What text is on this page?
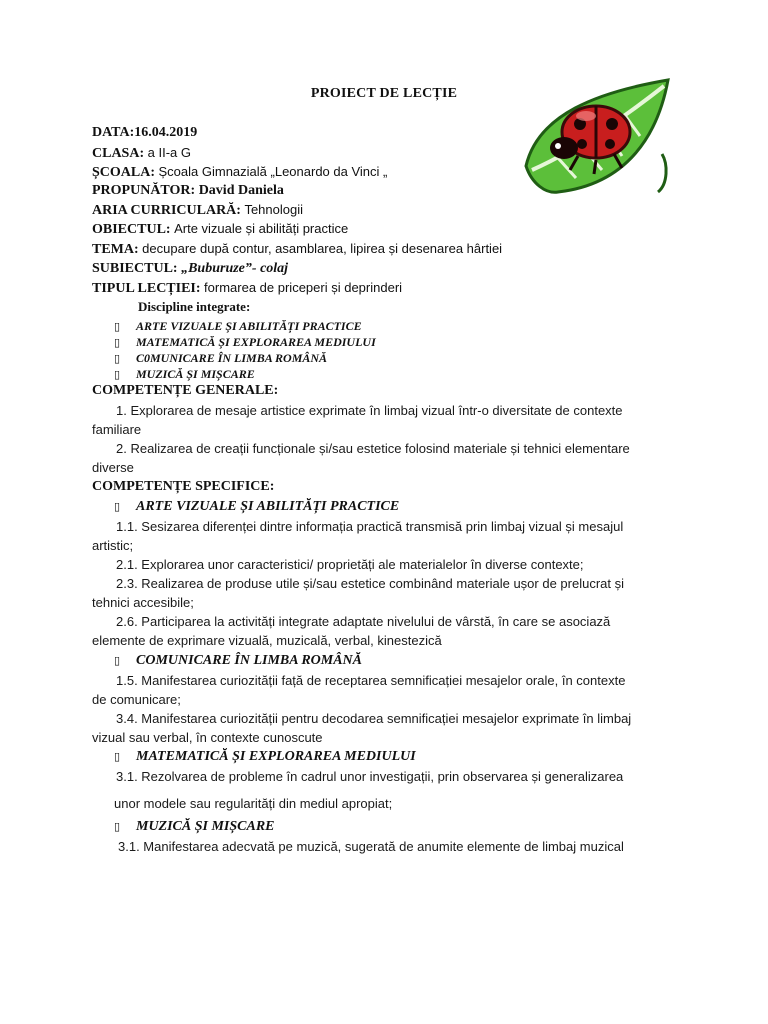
PROIECT DE LECȚIE
DATA:16.04.2019
CLASA: a II-a G
ȘCOALA: Școala Gimnazială „Leonardo da Vinci „
PROPUNĂTOR: David Daniela
ARIA CURRICULARĂ: Tehnologii
OBIECTUL: Arte vizuale și abilități practice
TEMA: decupare după contur, asamblarea, lipirea și desenarea hârtiei
SUBIECTUL: „Buburuze”- colaj
TIPUL LECȚIEI: formarea de priceperi și deprinderi
Discipline integrate:
▯ ARTE VIZUALE ȘI ABILITĂȚI PRACTICE
▯ MATEMATICĂ ȘI EXPLORAREA MEDIULUI
▯ C0MUNICARE ÎN LIMBA ROMÂNĂ
▯ MUZICĂ ȘI MIȘCARE
COMPETENȚE GENERALE:
1. Explorarea de mesaje artistice exprimate în limbaj vizual într-o diversitate de contexte
familiare
2. Realizarea de creații funcționale și/sau estetice folosind materiale și tehnici elementare
diverse
COMPETENȚE SPECIFICE:
▯ ARTE VIZUALE ȘI ABILITĂȚI PRACTICE
1.1. Sesizarea diferenței dintre informația practică transmisă prin limbaj vizual și mesajul
artistic;
2.1. Explorarea unor caracteristici/ proprietăți ale materialelor în diverse contexte;
2.3. Realizarea de produse utile și/sau estetice combinând materiale ușor de prelucrat și
tehnici accesibile;
2.6. Participarea la activități integrate adaptate nivelului de vârstă, în care se asociază
elemente de exprimare vizuală, muzicală, verbal, kinestezică
▯ COMUNICARE ÎN LIMBA ROMÂNĂ
1.5. Manifestarea curiozității față de receptarea semnificației mesajelor orale, în contexte
de comunicare;
3.4. Manifestarea curiozității pentru decodarea semnificației mesajelor exprimate în limbaj
vizual sau verbal, în contexte cunoscute
▯ MATEMATICĂ ȘI EXPLORAREA MEDIULUI
3.1. Rezolvarea de probleme în cadrul unor investigații, prin observarea și generalizarea
unor modele sau regularități din mediul apropiat;
▯ MUZICĂ ȘI MIȘCARE
3.1. Manifestarea adecvată pe muzică, sugerată de anumite elemente de limbaj muzical
